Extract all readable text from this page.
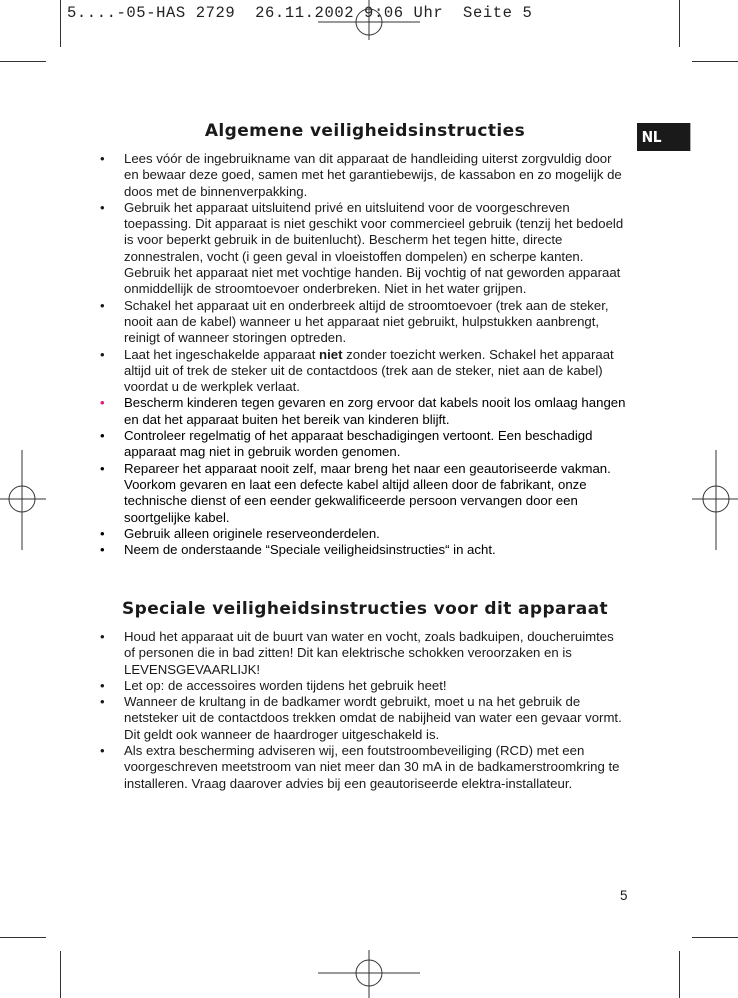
5....-05-HAS 2729  26.11.2002 9:06 Uhr  Seite 5
NL
Algemene veiligheidsinstructies
•	Lees vóór de ingebruikname van dit apparaat de handleiding uiterst zorgvuldig door en bewaar deze goed, samen met het garantiebewijs, de kassabon en zo mogelijk de doos met de binnenverpakking.
•	Gebruik het apparaat uitsluitend privé en uitsluitend voor de voorgeschreven toepassing. Dit apparaat is niet geschikt voor commercieel gebruik (tenzij het bedoeld is voor beperkt gebruik in de buitenlucht). Bescherm het tegen hitte, directe zonnestralen, vocht (i geen geval in vloeistoffen dompelen) en scherpe kanten. Gebruik het apparaat niet met vochtige handen. Bij vochtig of nat geworden apparaat onmiddellijk de stroomtoevoer onderbreken. Niet in het water grijpen.
•	Schakel het apparaat uit en onderbreek altijd de stroomtoevoer (trek aan de steker, nooit aan de kabel) wanneer u het apparaat niet gebruikt, hulpstukken aanbrengt, reinigt of wanneer storingen optreden.
•	Laat het ingeschakelde apparaat niet zonder toezicht werken. Schakel het apparaat altijd uit of trek de steker uit de contactdoos (trek aan de steker, niet aan de kabel) voordat u de werkplek verlaat.
•	Bescherm kinderen tegen gevaren en zorg ervoor dat kabels nooit los omlaag hangen en dat het apparaat buiten het bereik van kinderen blijft.
•	Controleer regelmatig of het apparaat beschadigingen vertoont. Een beschadigd apparaat mag niet in gebruik worden genomen.
•	Repareer het apparaat nooit zelf, maar breng het naar een geautoriseerde vakman. Voorkom gevaren en laat een defecte kabel altijd alleen door de fabrikant, onze technische dienst of een eender gekwalificeerde persoon vervangen door een soortgelijke kabel.
•	Gebruik alleen originele reserveonderdelen.
•	Neem de onderstaande “Speciale veiligheidsinstructies“ in acht.
Speciale veiligheidsinstructies voor dit apparaat
•	Houd het apparaat uit de buurt van water en vocht, zoals badkuipen, doucheruimtes of personen die in bad zitten! Dit kan elektrische schokken veroorzaken en is LEVENSGEVAARLIJK!
•	Let op: de accessoires worden tijdens het gebruik heet!
•	Wanneer de krultang in de badkamer wordt gebruikt, moet u na het gebruik de netsteker uit de contactdoos trekken omdat de nabijheid van water een gevaar vormt. Dit geldt ook wanneer de haardroger uitgeschakeld is.
•	Als extra bescherming adviseren wij, een foutstroombeveiliging (RCD) met een voorgeschreven meetstroom van niet meer dan 30 mA in de badkamerstroomkring te installeren. Vraag daarover advies bij een geautoriseerde elektra-installateur.
5
